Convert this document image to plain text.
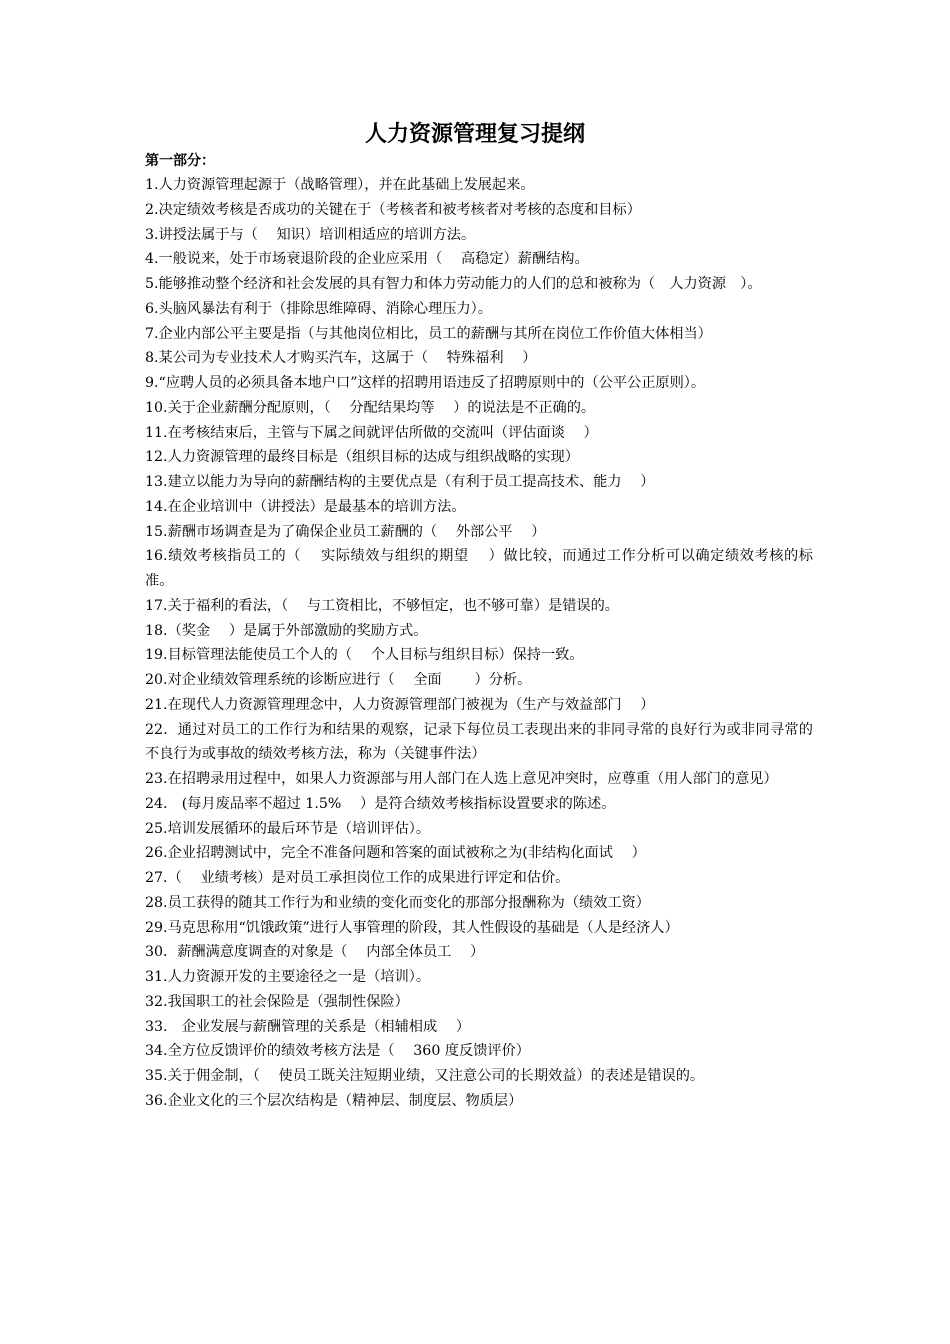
人力资源管理复习提纲
第一部分：

1.人力资源管理起源于（战略管理），并在此基础上发展起来。

2.决定绩效考核是否成功的关键在于（考核者和被考核者对考核的态度和目标）

3.讲授法属于与（　 知识）培训相适应的培训方法。

4.一般说来，处于市场衰退阶段的企业应采用（　 高稳定）薪酬结构。

5.能够推动整个经济和社会发展的具有智力和体力劳动能力的人们的总和被称为（　人力资源　）。

6.头脑风暴法有利于（排除思维障碍、消除心理压力）。

7.企业内部公平主要是指（与其他岗位相比，员工的薪酬与其所在岗位工作价值大体相当）

8.某公司为专业技术人才购买汽车，这属于（　 特殊福利　 ）

9.“应聘人员的必须具备本地户口”这样的招聘用语违反了招聘原则中的（公平公正原则）。

10.关于企业薪酬分配原则，（　 分配结果均等　 ）的说法是不正确的。

11.在考核结束后，主管与下属之间就评估所做的交流叫（评估面谈　 ）

12.人力资源管理的最终目标是（组织目标的达成与组织战略的实现）

13.建立以能力为导向的薪酬结构的主要优点是（有利于员工提高技术、能力　 ）

14.在企业培训中（讲授法）是最基本的培训方法。

15.薪酬市场调查是为了确保企业员工薪酬的（　 外部公平　 ）

16.绩效考核指员工的（　 实际绩效与组织的期望　 ）做比较，而通过工作分析可以确定绩效考核的标准。

17.关于福利的看法，（　 与工资相比，不够恒定，也不够可靠）是错误的。

18.（奖金　 ）是属于外部激励的奖励方式。

19.目标管理法能使员工个人的（　 个人目标与组织目标）保持一致。

20.对企业绩效管理系统的诊断应进行（　 全面　　 ）分析。

21.在现代人力资源管理理念中，人力资源管理部门被视为（生产与效益部门　 ）

22．通过对员工的工作行为和结果的观察，记录下每位员工表现出来的非同寻常的良好行为或非同寻常的不良行为或事故的绩效考核方法，称为（关键事件法）

23.在招聘录用过程中，如果人力资源部与用人部门在人选上意见冲突时，应尊重（用人部门的意见）

24.　(每月废品率不超过 1.5%　 ）是符合绩效考核指标设置要求的陈述。

25.培训发展循环的最后环节是（培训评估）。

26.企业招聘测试中，完全不准备问题和答案的面试被称之为(非结构化面试　 ）

27.（　 业绩考核）是对员工承担岗位工作的成果进行评定和估价。

28.员工获得的随其工作行为和业绩的变化而变化的那部分报酬称为（绩效工资）

29.马克思称用“饥饿政策”进行人事管理的阶段，其人性假设的基础是（人是经济人）

30．薪酬满意度调查的对象是（　 内部全体员工　 ）

31.人力资源开发的主要途径之一是（培训）。

32.我国职工的社会保险是（强制性保险）

33.　企业发展与薪酬管理的关系是（相辅相成　 ）

34.全方位反馈评价的绩效考核方法是（　 360 度反馈评价）

35.关于佣金制，（　 使员工既关注短期业绩，又注意公司的长期效益）的表述是错误的。

36.企业文化的三个层次结构是（精神层、制度层、物质层）
